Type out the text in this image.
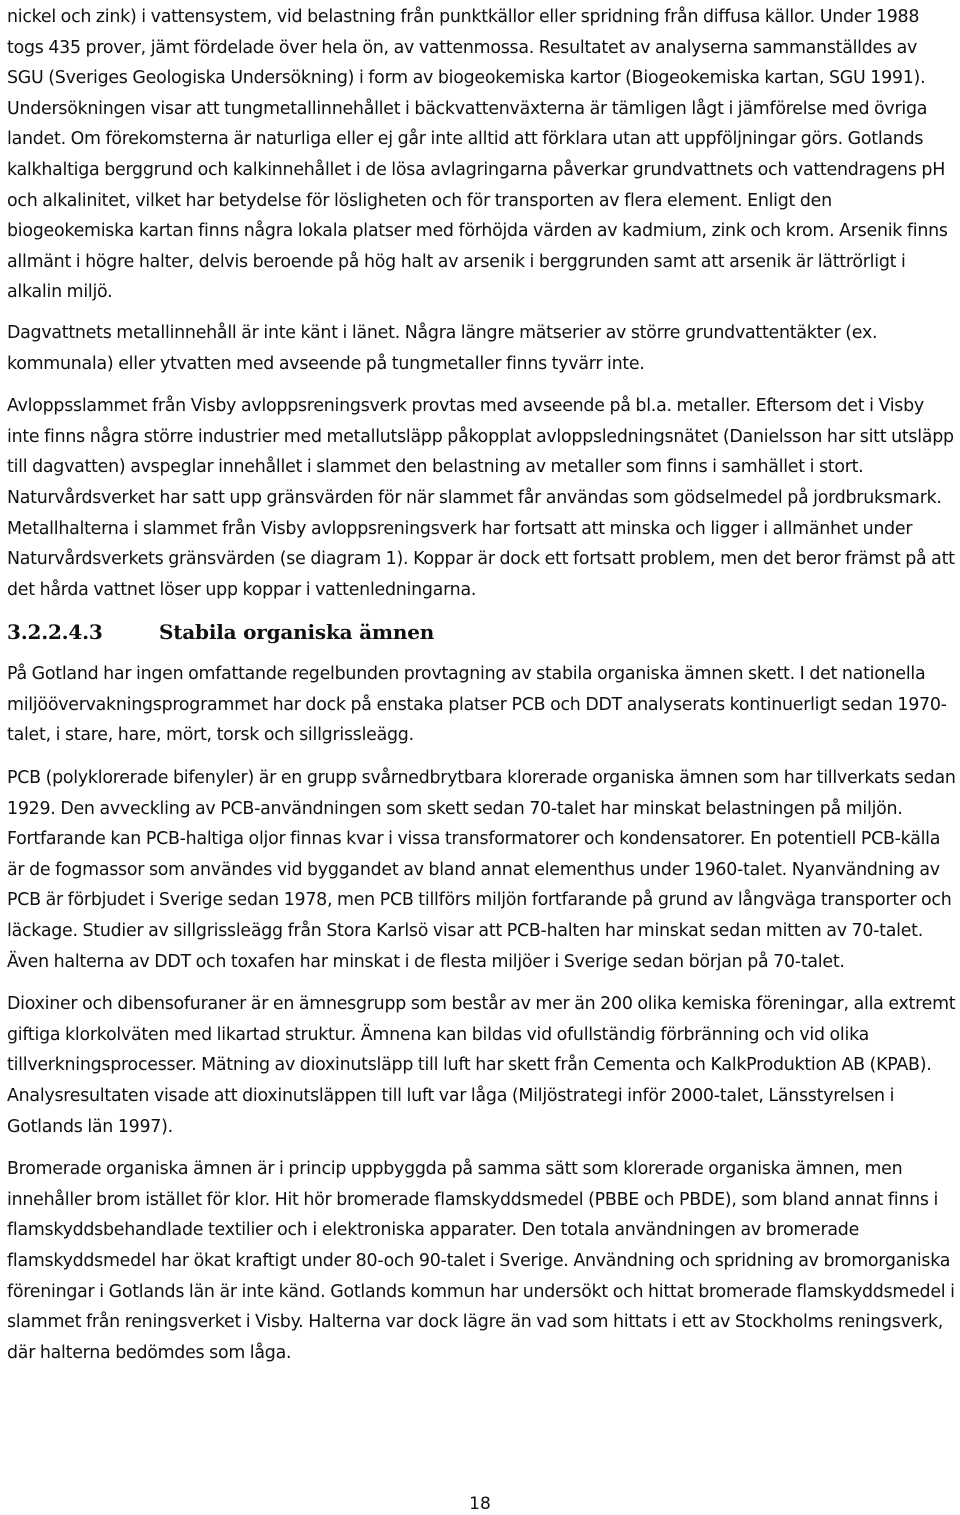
nickel och zink) i vattensystem, vid belastning från punktkällor eller spridning från diffusa källor. Under 1988 togs 435 prover, jämt fördelade över hela ön, av vattenmossa. Resultatet av analyserna sammanställdes av SGU (Sveriges Geologiska Undersökning) i form av biogeokemiska kartor (Biogeokemiska kartan, SGU 1991). Undersökningen visar att tungmetallinnehållet i bäckvattenväxterna är tämligen lågt i jämförelse med övriga landet. Om förekomsterna är naturliga eller ej går inte alltid att förklara utan att uppföljningar görs. Gotlands kalkhaltiga berggrund och kalkinnehållet i de lösa avlagringarna påverkar grundvattnets och vattendragens pH och alkalinitet, vilket har betydelse för lösligheten och för transporten av flera element. Enligt den biogeokemiska kartan finns några lokala platser med förhöjda värden av kadmium, zink och krom. Arsenik finns allmänt i högre halter, delvis beroende på hög halt av arsenik i berggrunden samt att arsenik är lättrörligt i alkalin miljö.

Dagvattnets metallinnehåll är inte känt i länet. Några längre mätserier av större grundvattentäkter (ex. kommunala) eller ytvatten med avseende på tungmetaller finns tyvärr inte.

Avloppsslammet från Visby avloppsreningsverk provtas med avseende på bl.a. metaller. Eftersom det i Visby inte finns några större industrier med metallutsläpp påkopplat avloppsledningsnätet (Danielsson har sitt utsläpp till dagvatten) avspeglar innehållet i slammet den belastning av metaller som finns i samhället i stort. Naturvårdsverket har satt upp gränsvärden för när slammet får användas som gödselmedel på jordbruksmark. Metallhalterna i slammet från Visby avloppsreningsverk har fortsatt att minska och ligger i allmänhet under Naturvårdsverkets gränsvärden (se diagram 1). Koppar är dock ett fortsatt problem, men det beror främst på att det hårda vattnet löser upp koppar i vattenledningarna.

3.2.2.4.3	Stabila organiska ämnen

På Gotland har ingen omfattande regelbunden provtagning av stabila organiska ämnen skett. I det nationella miljöövervakningsprogrammet har dock på enstaka platser PCB och DDT analyserats kontinuerligt sedan 1970-talet, i stare, hare, mört, torsk och sillgrissleägg.

PCB (polyklorerade bifenyler) är en grupp svårnedbrytbara klorerade organiska ämnen som har tillverkats sedan 1929. Den avveckling av PCB-användningen som skett sedan 70-talet har minskat belastningen på miljön. Fortfarande kan PCB-haltiga oljor finnas kvar i vissa transformatorer och kondensatorer. En potentiell PCB-källa är de fogmassor som användes vid byggandet av bland annat elementhus under 1960-talet. Nyanvändning av PCB är förbjudet i Sverige sedan 1978, men PCB tillförs miljön fortfarande på grund av långväga transporter och läckage. Studier av sillgrissleägg från Stora Karlsö visar att PCB-halten har minskat sedan mitten av 70-talet. Även halterna av DDT och toxafen har minskat i de flesta miljöer i Sverige sedan början på 70-talet.

Dioxiner och dibensofuraner är en ämnesgrupp som består av mer än 200 olika kemiska föreningar, alla extremt giftiga klorkolväten med likartad struktur. Ämnena kan bildas vid ofullständig förbränning och vid olika tillverkningsprocesser. Mätning av dioxinutsläpp till luft har skett från Cementa och KalkProduktion AB (KPAB). Analysresultaten visade att dioxinutsläppen till luft var låga (Miljöstrategi inför 2000-talet, Länsstyrelsen i Gotlands län 1997).

Bromerade organiska ämnen är i princip uppbyggda på samma sätt som klorerade organiska ämnen, men innehåller brom istället för klor. Hit hör bromerade flamskyddsmedel (PBBE och PBDE), som bland annat finns i flamskyddsbehandlade textilier och i elektroniska apparater. Den totala användningen av bromerade flamskyddsmedel har ökat kraftigt under 80-och 90-talet i Sverige. Användning och spridning av bromorganiska föreningar i Gotlands län är inte känd. Gotlands kommun har undersökt och hittat bromerade flamskyddsmedel i slammet från reningsverket i Visby. Halterna var dock lägre än vad som hittats i ett av Stockholms reningsverk, där halterna bedömdes som låga.

18
